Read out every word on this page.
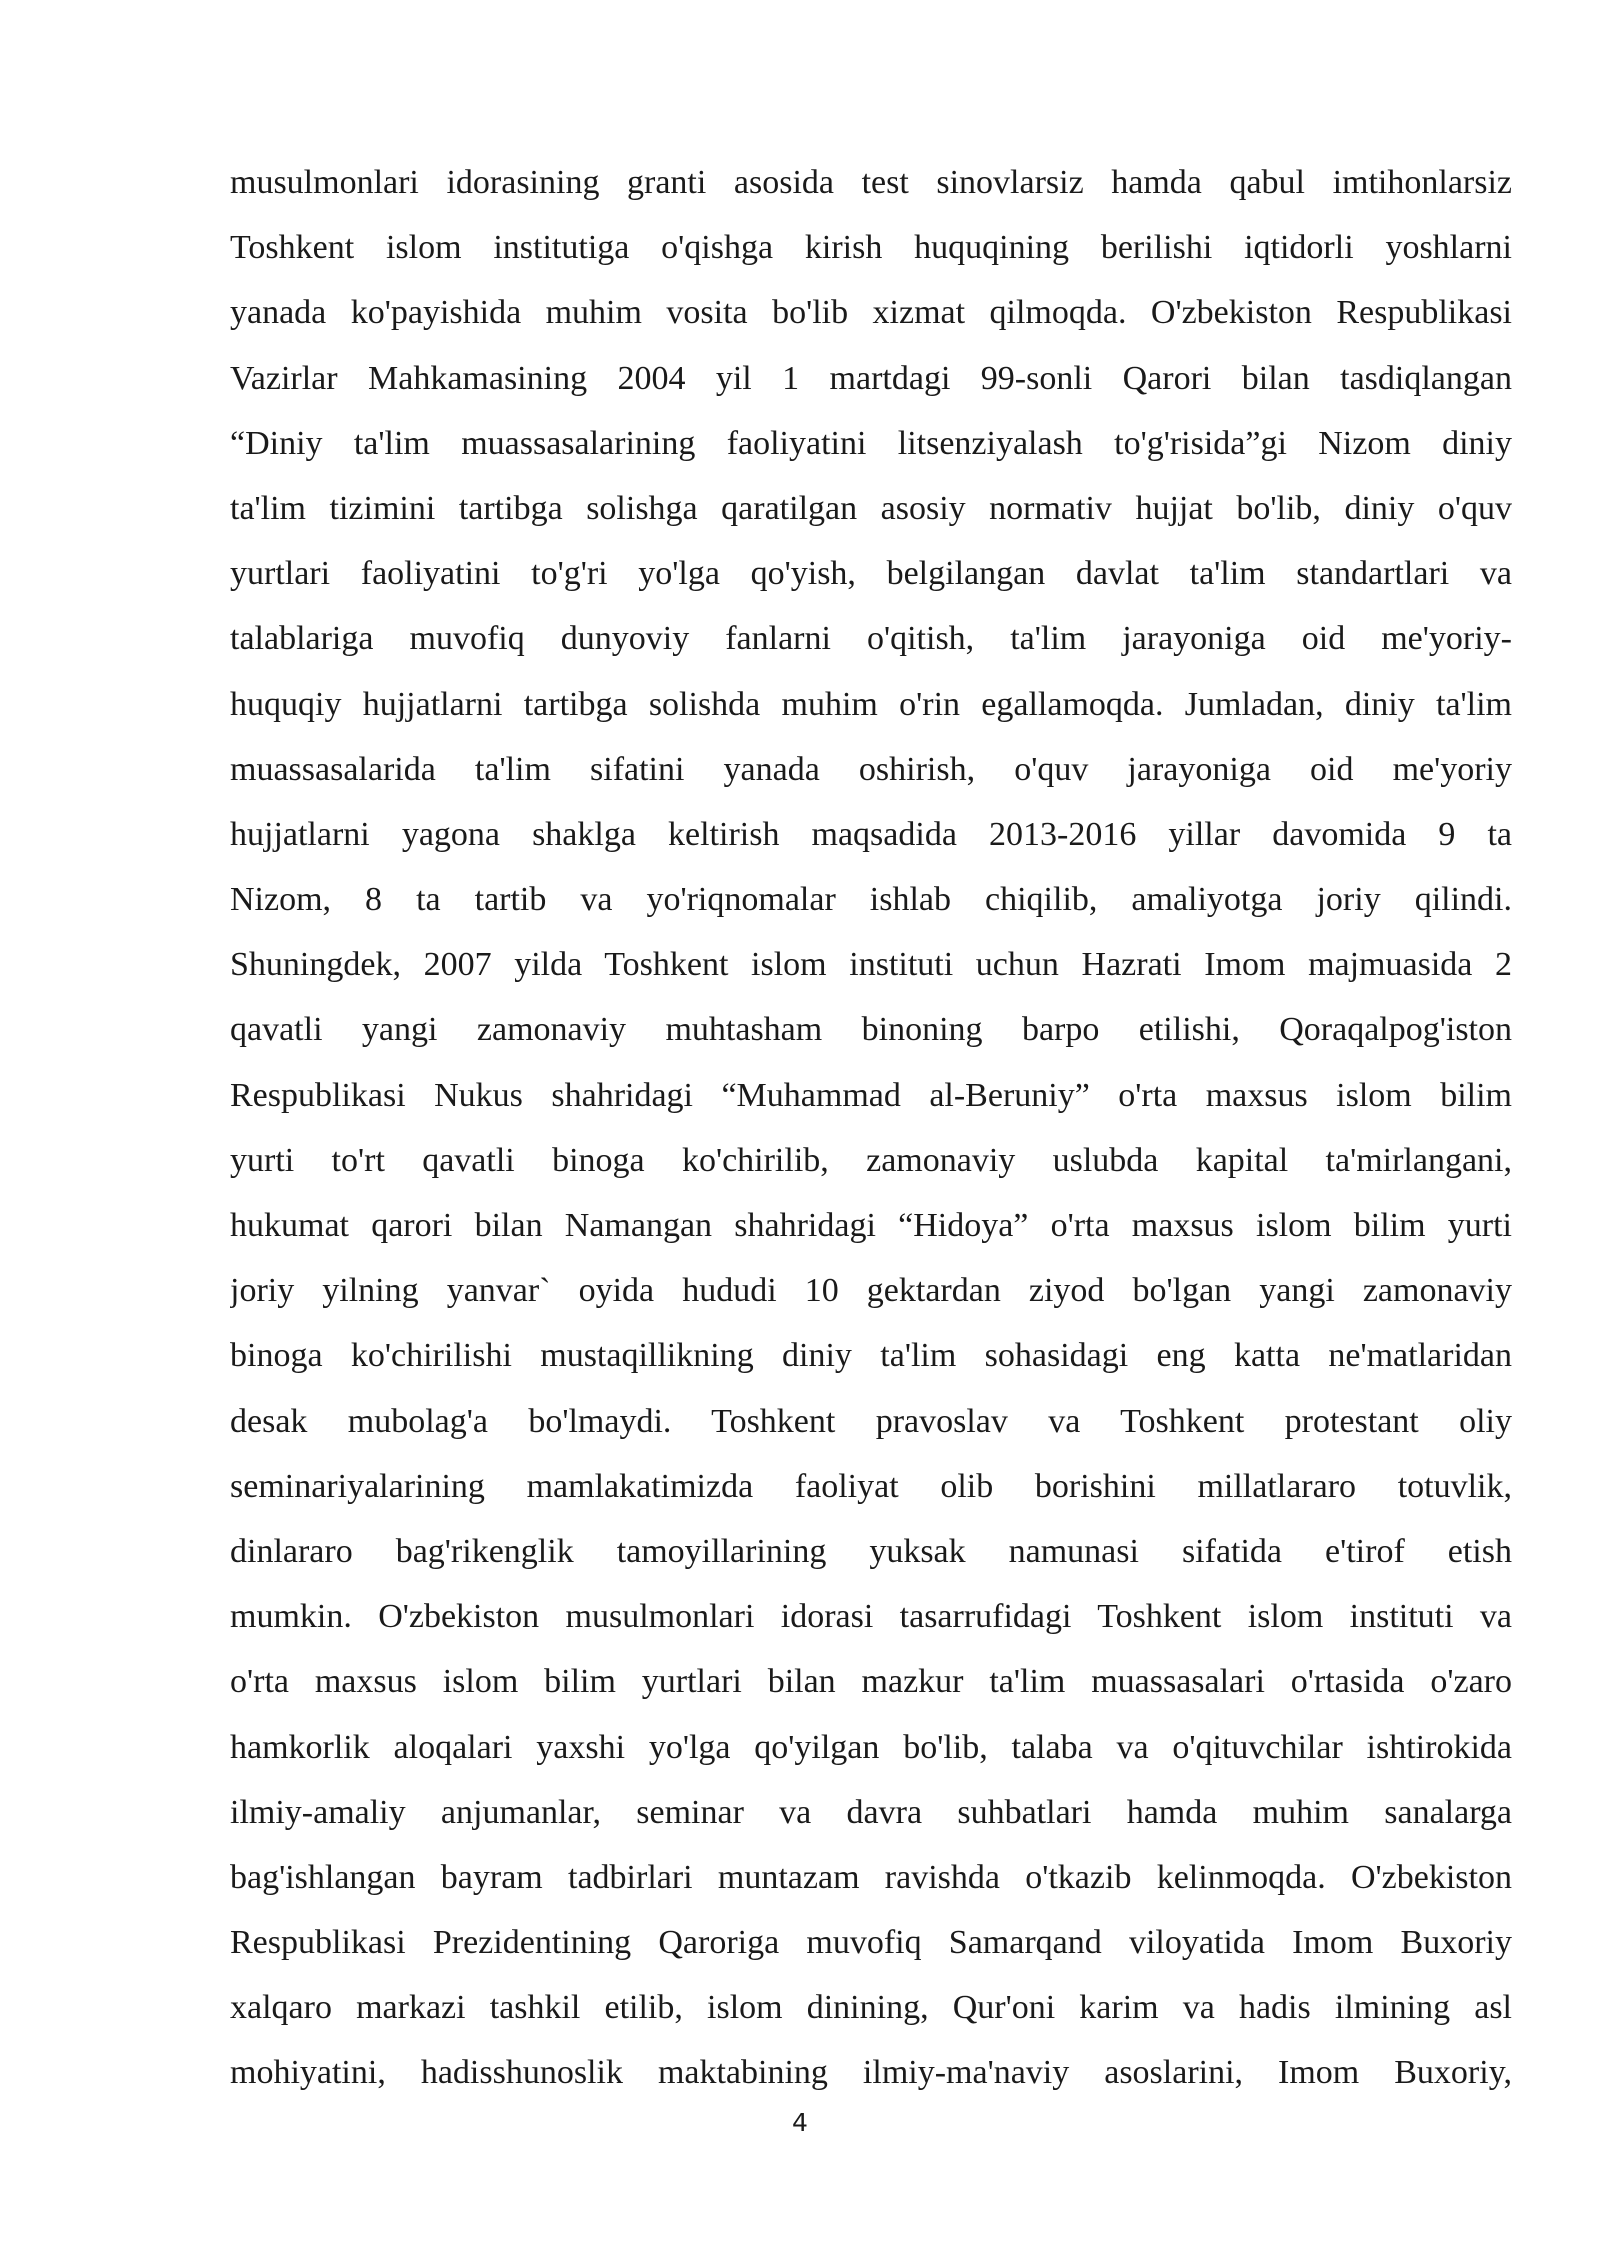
musulmonlari idorasining granti asosida test sinovlarsiz hamda qabul imtihonlarsiz
Toshkent islom institutiga o'qishga kirish huquqining berilishi iqtidorli yoshlarni
yanada ko'payishida muhim vosita bo'lib xizmat qilmoqda. O'zbekiston Respublikasi
Vazirlar Mahkamasining 2004 yil 1 martdagi 99-sonli Qarori bilan tasdiqlangan
“Diniy ta'lim muassasalarining faoliyatini litsenziyalash to'g'risida”gi Nizom diniy
ta'lim tizimini tartibga solishga qaratilgan asosiy normativ hujjat bo'lib, diniy o'quv
yurtlari faoliyatini to'g'ri yo'lga qo'yish, belgilangan davlat ta'lim standartlari va
talablariga muvofiq dunyoviy fanlarni o'qitish, ta'lim jarayoniga oid me'yoriy-
huquqiy hujjatlarni tartibga solishda muhim o'rin egallamoqda. Jumladan, diniy ta'lim
muassasalarida ta'lim sifatini yanada oshirish, o'quv jarayoniga oid me'yoriy
hujjatlarni yagona shaklga keltirish maqsadida 2013-2016 yillar davomida 9 ta
Nizom, 8 ta tartib va yo'riqnomalar ishlab chiqilib, amaliyotga joriy qilindi.
Shuningdek, 2007 yilda Toshkent islom instituti uchun Hazrati Imom majmuasida 2
qavatli yangi zamonaviy muhtasham binoning barpo etilishi, Qoraqalpog'iston
Respublikasi Nukus shahridagi “Muhammad al-Beruniy” o'rta maxsus islom bilim
yurti to'rt qavatli binoga ko'chirilib, zamonaviy uslubda kapital ta'mirlangani,
hukumat qarori bilan Namangan shahridagi “Hidoya” o'rta maxsus islom bilim yurti
joriy yilning yanvar` oyida hududi 10 gektardan ziyod bo'lgan yangi zamonaviy
binoga ko'chirilishi mustaqillikning diniy ta'lim sohasidagi eng katta ne'matlaridan
desak mubolag'a bo'lmaydi. Toshkent pravoslav va Toshkent protestant oliy
seminariyalarining mamlakatimizda faoliyat olib borishini millatlararo totuvlik,
dinlararo bag'rikenglik tamoyillarining yuksak namunasi sifatida e'tirof etish
mumkin. O'zbekiston musulmonlari idorasi tasarrufidagi Toshkent islom instituti va
o'rta maxsus islom bilim yurtlari bilan mazkur ta'lim muassasalari o'rtasida o'zaro
hamkorlik aloqalari yaxshi yo'lga qo'yilgan bo'lib, talaba va o'qituvchilar ishtirokida
ilmiy-amaliy anjumanlar, seminar va davra suhbatlari hamda muhim sanalarga
bag'ishlangan bayram tadbirlari muntazam ravishda o'tkazib kelinmoqda. O'zbekiston
Respublikasi Prezidentining Qaroriga muvofiq Samarqand viloyatida Imom Buxoriy
xalqaro markazi tashkil etilib, islom dinining, Qur'oni karim va hadis ilmining asl
mohiyatini, hadisshunoslik maktabining ilmiy-ma'naviy asoslarini, Imom Buxoriy,
4
